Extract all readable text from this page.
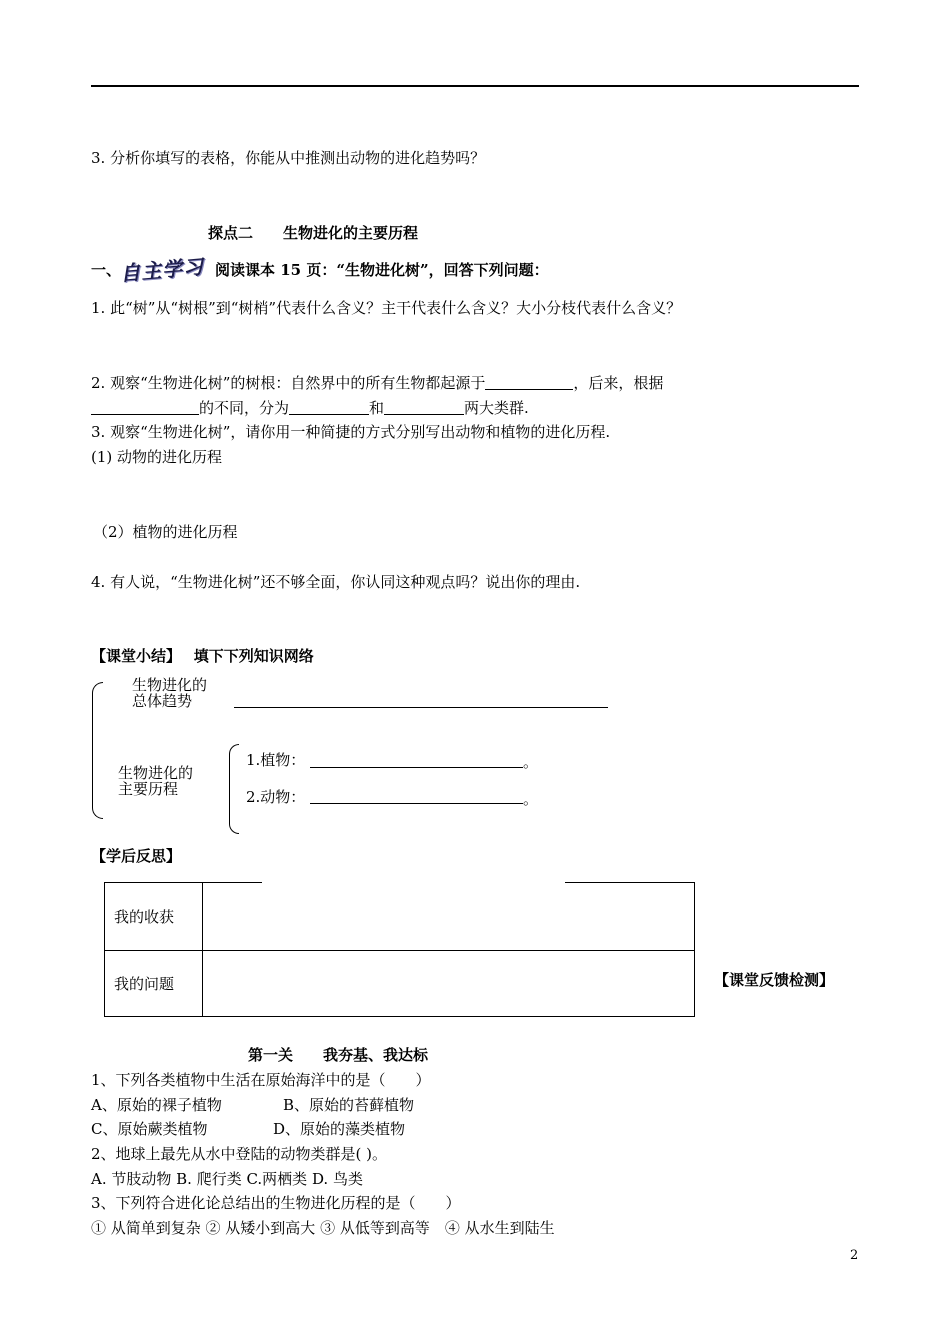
3. 分析你填写的表格，你能从中推测出动物的进化趋势吗？
探点二　　生物进化的主要历程
一、
自主学习 阅读课本 15 页：“生物进化树”，回答下列问题：
1. 此“树”从“树根”到“树梢”代表什么含义？主干代表什么含义？大小分枝代表什么含义？
2. 观察“生物进化树”的树根：自然界中的所有生物都起源于	，后来，根据
的不同，分为	和	两大类群.
3. 观察“生物进化树”，请你用一种简捷的方式分别写出动物和植物的进化历程.
(1) 动物的进化历程
（2）植物的进化历程
4. 有人说，“生物进化树”还不够全面，你认同这种观点吗？说出你的理由.
【课堂小结】　 填下下列知识网络
生物进化的
总体趋势
生物进化的
主要历程
1.植物：	。
2.动物：	。
【学后反思】
我的收获	
我的问题		【课堂反馈检测】
第一关　　我夯基、我达标
1、下列各类植物中生活在原始海洋中的是（　　）
A、原始的裸子植物	B、原始的苔藓植物
C、原始蕨类植物	D、原始的藻类植物
2、地球上最先从水中登陆的动物类群是( )。
A. 节肢动物 B. 爬行类 C.两栖类 D. 鸟类
3、下列符合进化论总结出的生物进化历程的是（　　）
① 从简单到复杂 ② 从矮小到高大 ③ 从低等到高等　④ 从水生到陆生
2
